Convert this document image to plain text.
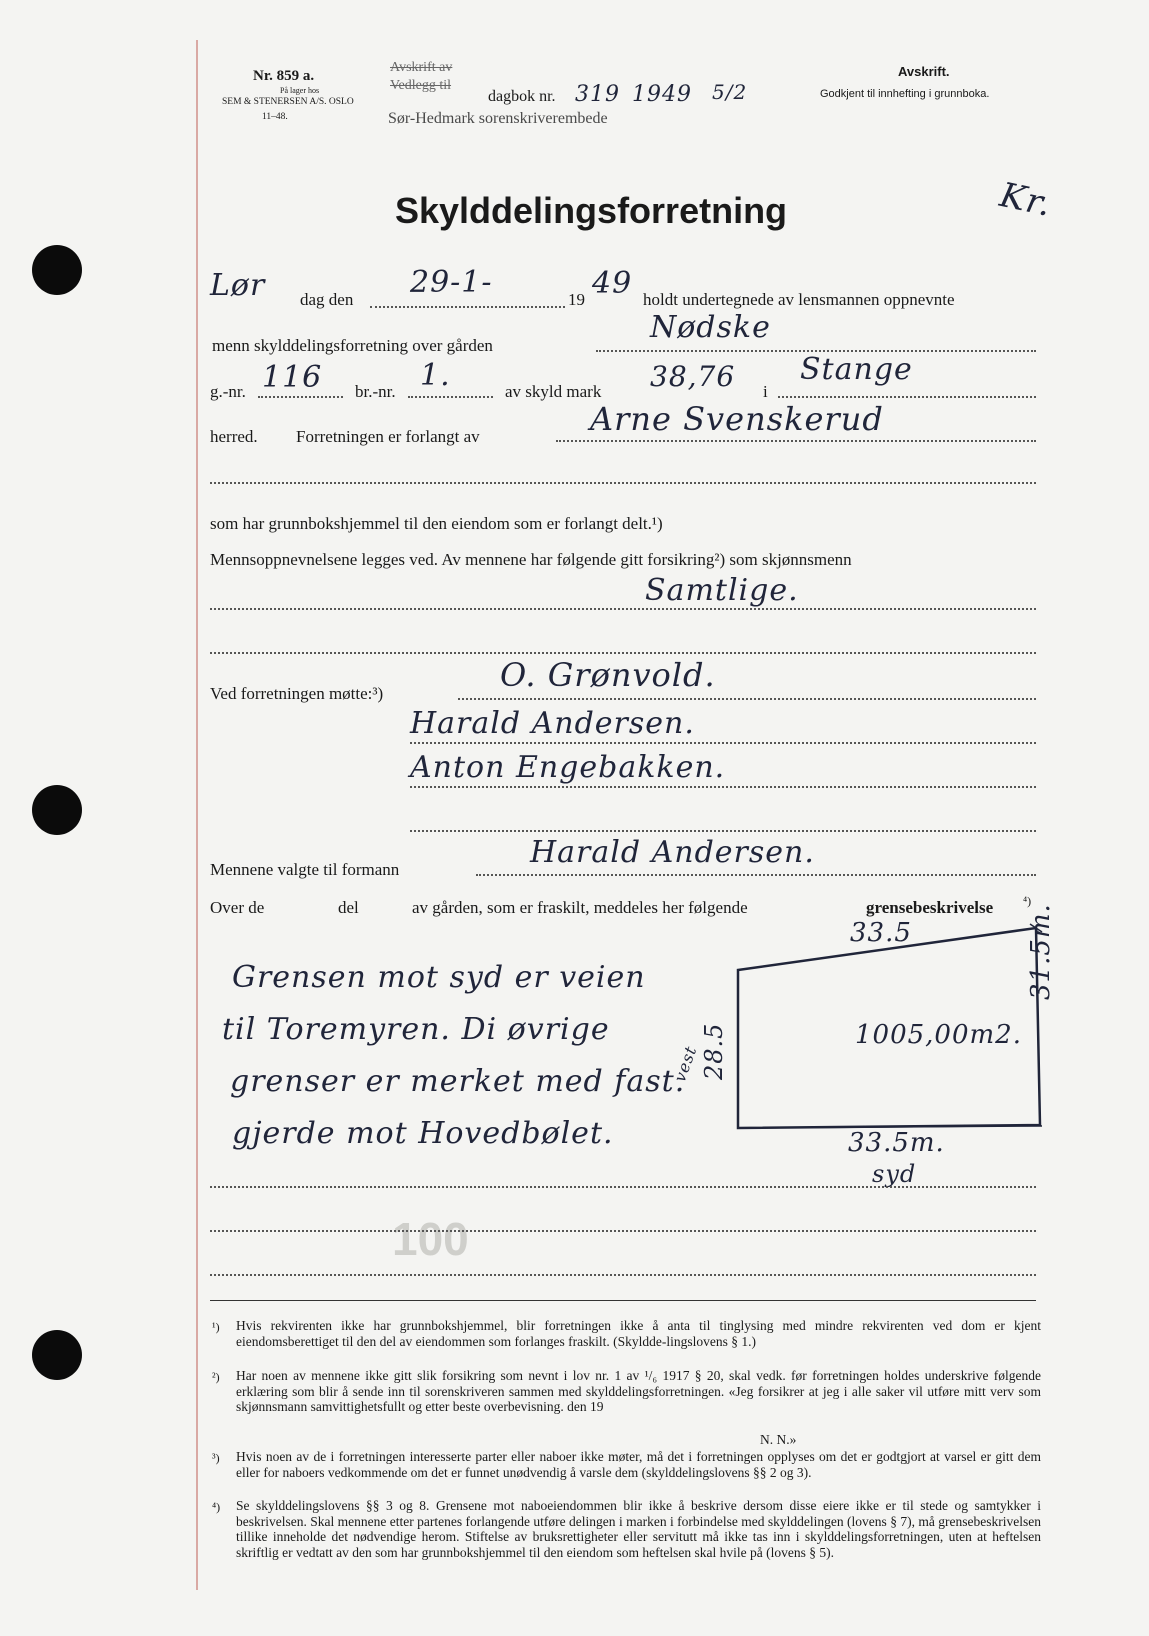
Nr. 859 a.
På lager hos
SEM & STENERSEN A/S. OSLO
11–48.
Avskrift av
Vedlegg til
dagbok nr. 319 1949 5/2
Sør-Hedmark sorenskriverembede
Avskrift.
Godkjent til innhefting i grunnboka.
Skylddelingsforretning	Kr.
Lør dag den 29-1-	19 49 holdt undertegnede av lensmannen oppnevnte
menn skylddelingsforretning over gården
Nødske
g.-nr. 116 br.-nr. 1.	av skyld mark 38,76 i
Stange
herred. Forretningen er forlangt av	Arne Svenskerud
som har grunnbokshjemmel til den eiendom som er forlangt delt.¹)
Mennsoppnevnelsene legges ved. Av mennene har følgende gitt forsikring²) som skjønnsmenn
Samtlige.
Ved forretningen møtte:³)	O. Grønvold.
Harald Andersen.
Anton Engebakken.
Mennene valgte til formann	Harald Andersen.
Over de	del	av gården, som er fraskilt, meddeles her følgende	grensebeskrivelse ⁴)
Grensen mot syd er veien
til Toremyren. Di øvrige
grenser er merket med fast.
gjerde mot Hovedbølet.
33.5	31.5m.
28.5
vest
1005,00m2.
33.5m.
syd
100
¹) Hvis rekvirenten ikke har grunnbokshjemmel, blir forretningen ikke å anta til tinglysing med mindre rekvirenten ved dom er kjent eiendomsberettiget til den del av eiendommen som forlanges fraskilt. (Skyldde-lingslovens § 1.)
²) Har noen av mennene ikke gitt slik forsikring som nevnt i lov nr. 1 av ¹/₆ 1917 § 20, skal vedk. før forretningen holdes underskrive følgende erklæring som blir å sende inn til sorenskriveren sammen med skylddelingsforretningen. «Jeg forsikrer at jeg i alle saker vil utføre mitt verv som skjønnsmann samvittighetsfullt og etter beste overbevisning. den 19
N. N.»
³) Hvis noen av de i forretningen interesserte parter eller naboer ikke møter, må det i forretningen opplyses om det er godtgjort at varsel er gitt dem eller for naboers vedkommende om det er funnet unødvendig å varsle dem (skylddelingslovens §§ 2 og 3).
⁴) Se skylddelingslovens §§ 3 og 8. Grensene mot naboeiendommen blir ikke å beskrive dersom disse eiere ikke er til stede og samtykker i beskrivelsen. Skal mennene etter partenes forlangende utføre delingen i marken i forbindelse med skylddelingen (lovens § 7), må grensebeskrivelsen tillike inneholde det nødvendige herom. Stiftelse av bruksrettigheter eller servitutt må ikke tas inn i skylddelingsforretningen, uten at heftelsen skriftlig er vedtatt av den som har grunnbokshjemmel til den eiendom som heftelsen skal hvile på (lovens § 5).
